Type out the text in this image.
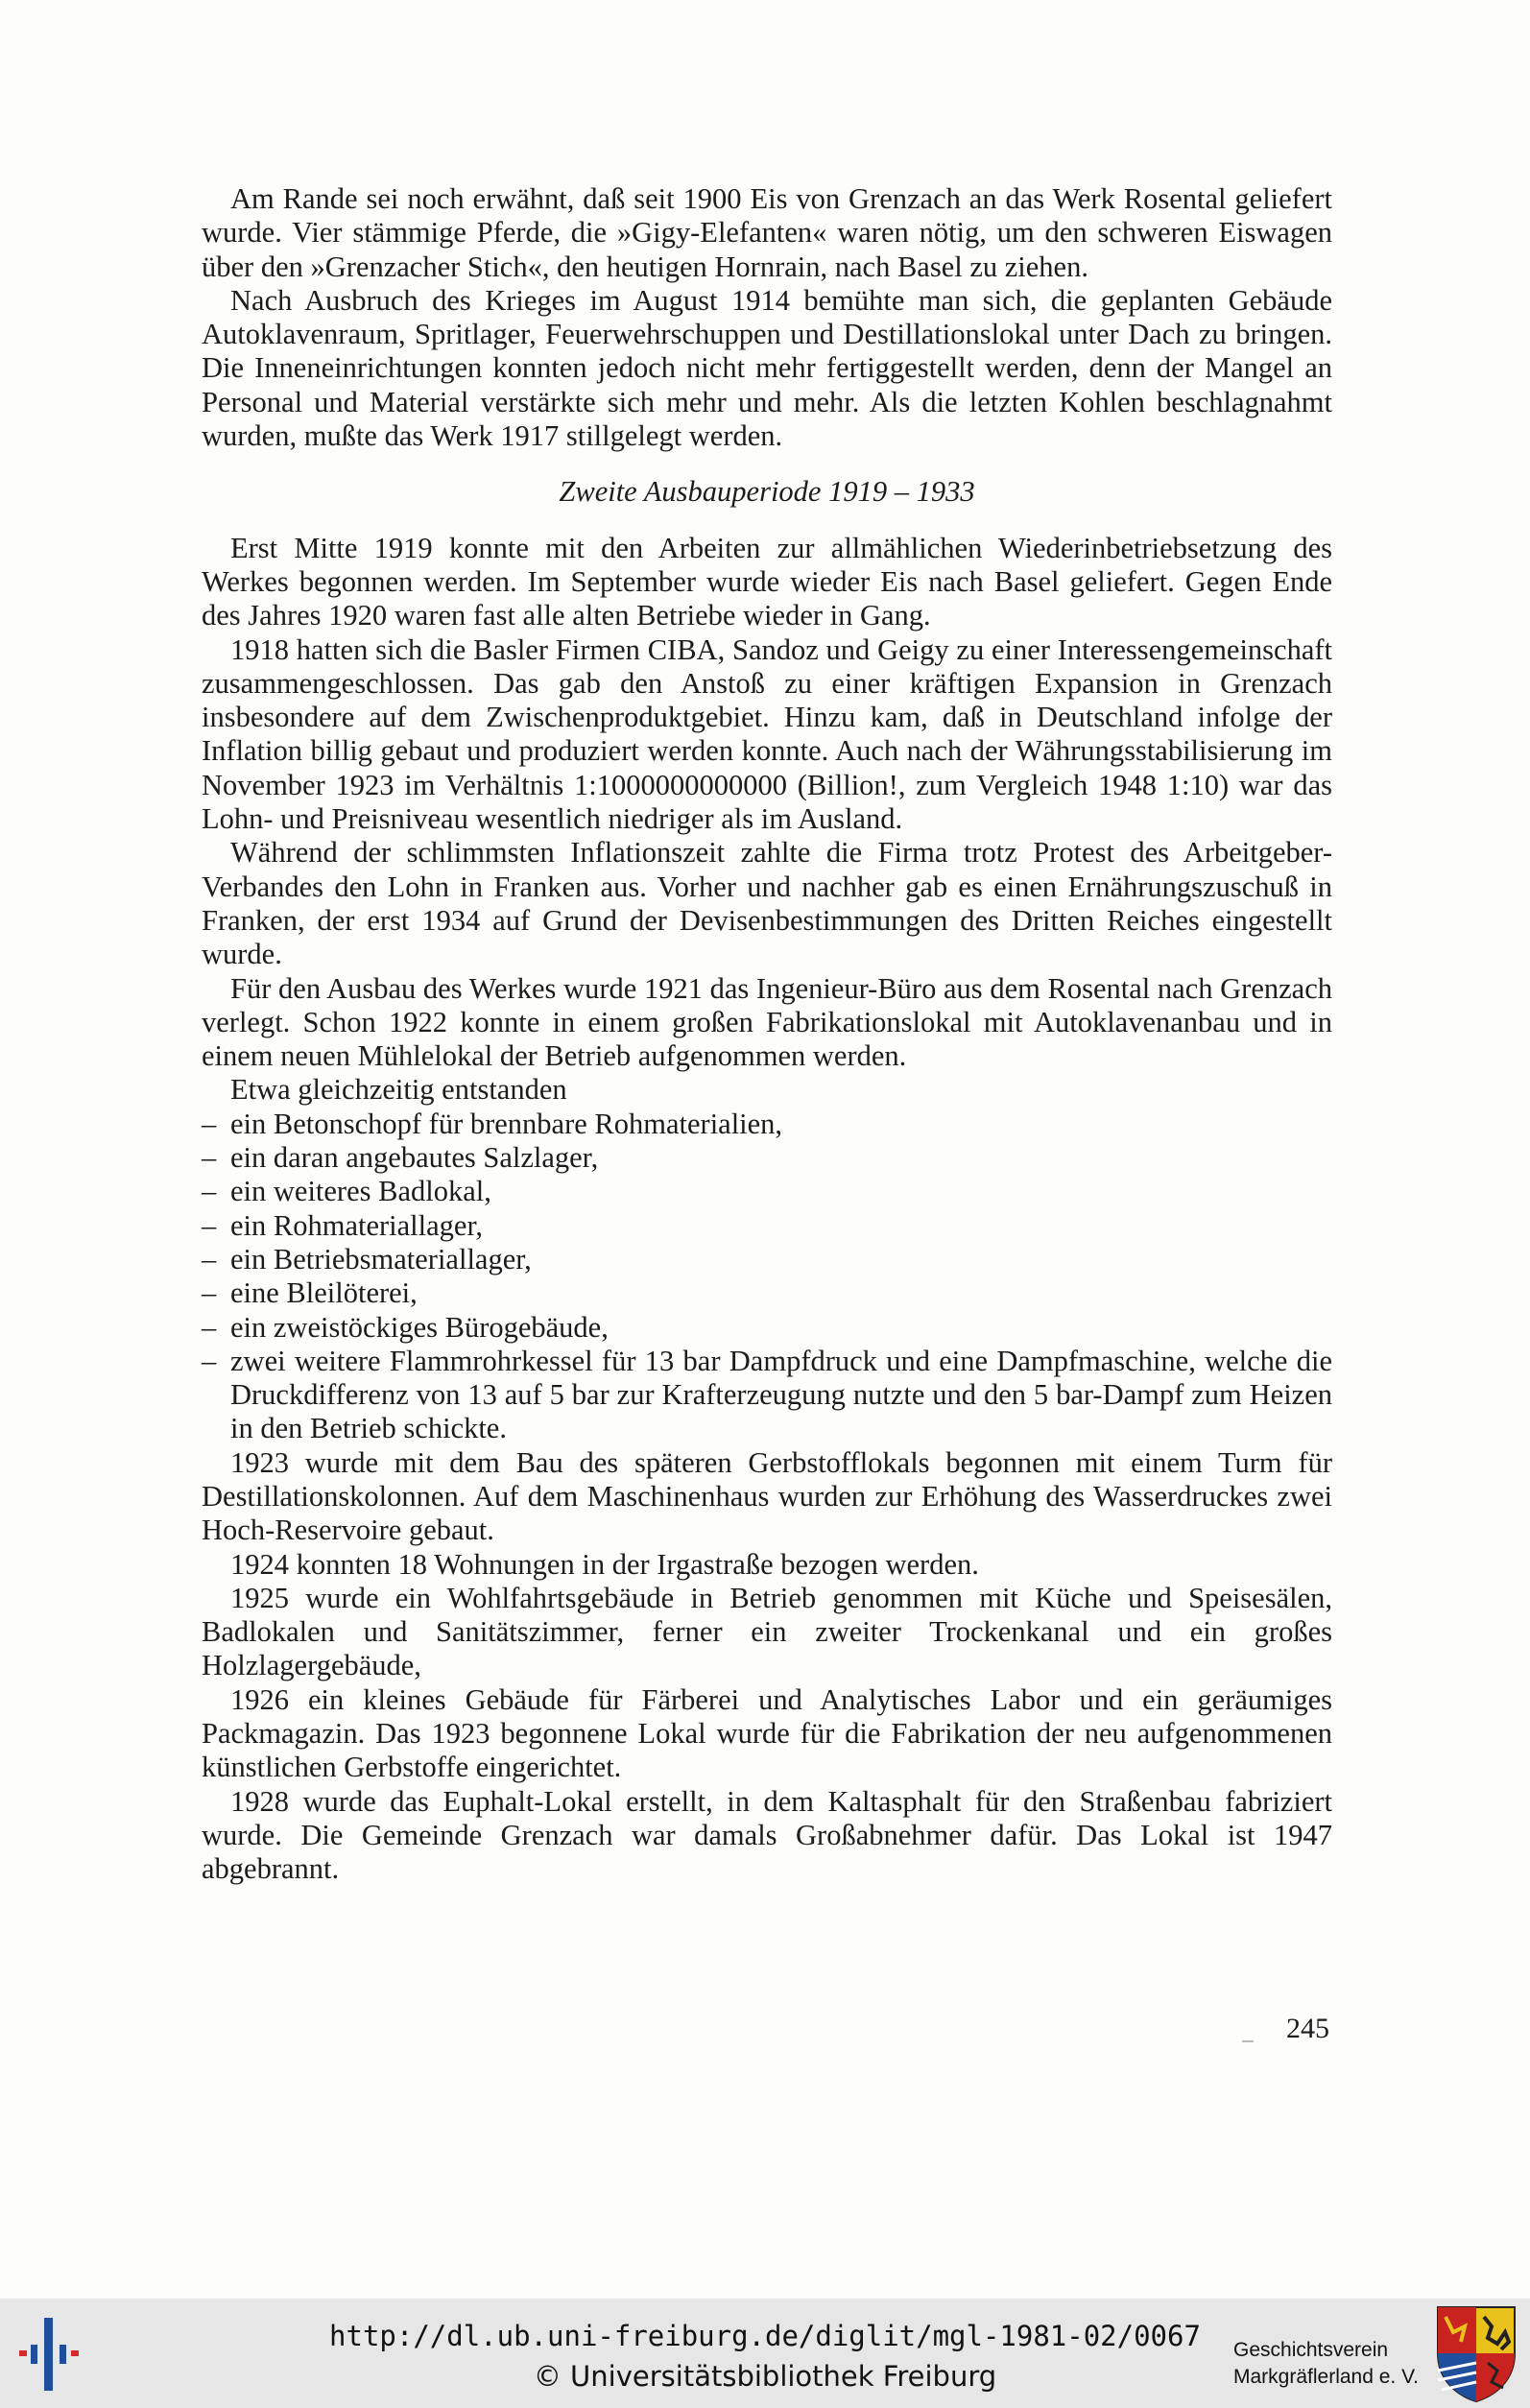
Am Rande sei noch erwähnt, daß seit 1900 Eis von Grenzach an das Werk Rosental geliefert wurde. Vier stämmige Pferde, die »Gigy-Elefanten« waren nötig, um den schweren Eiswagen über den »Grenzacher Stich«, den heutigen Hornrain, nach Basel zu ziehen.

Nach Ausbruch des Krieges im August 1914 bemühte man sich, die geplanten Gebäude Autoklavenraum, Spritlager, Feuerwehrschuppen und Destillationslokal unter Dach zu bringen. Die Inneneinrichtungen konnten jedoch nicht mehr fertiggestellt werden, denn der Mangel an Personal und Material verstärkte sich mehr und mehr. Als die letzten Kohlen beschlagnahmt wurden, mußte das Werk 1917 stillgelegt werden.

Zweite Ausbauperiode 1919 – 1933

Erst Mitte 1919 konnte mit den Arbeiten zur allmählichen Wiederinbetriebsetzung des Werkes begonnen werden. Im September wurde wieder Eis nach Basel geliefert. Gegen Ende des Jahres 1920 waren fast alle alten Betriebe wieder in Gang.

1918 hatten sich die Basler Firmen CIBA, Sandoz und Geigy zu einer Interessengemeinschaft zusammengeschlossen. Das gab den Anstoß zu einer kräftigen Expansion in Grenzach insbesondere auf dem Zwischenproduktgebiet. Hinzu kam, daß in Deutschland infolge der Inflation billig gebaut und produziert werden konnte. Auch nach der Währungsstabilisierung im November 1923 im Verhältnis 1:1000000000000 (Billion!, zum Vergleich 1948 1:10) war das Lohn- und Preisniveau wesentlich niedriger als im Ausland.

Während der schlimmsten Inflationszeit zahlte die Firma trotz Protest des Arbeitgeber-Verbandes den Lohn in Franken aus. Vorher und nachher gab es einen Ernährungszuschuß in Franken, der erst 1934 auf Grund der Devisenbestimmungen des Dritten Reiches eingestellt wurde.

Für den Ausbau des Werkes wurde 1921 das Ingenieur-Büro aus dem Rosental nach Grenzach verlegt. Schon 1922 konnte in einem großen Fabrikationslokal mit Autoklavenanbau und in einem neuen Mühlelokal der Betrieb aufgenommen werden.

Etwa gleichzeitig entstanden

– ein Betonschopf für brennbare Rohmaterialien,
– ein daran angebautes Salzlager,
– ein weiteres Badlokal,
– ein Rohmateriallager,
– ein Betriebsmateriallager,
– eine Bleilöterei,
– ein zweistöckiges Bürogebäude,
– zwei weitere Flammrohrkessel für 13 bar Dampfdruck und eine Dampfmaschine, welche die Druckdifferenz von 13 auf 5 bar zur Krafterzeugung nutzte und den 5 bar-Dampf zum Heizen in den Betrieb schickte.

1923 wurde mit dem Bau des späteren Gerbstofflokals begonnen mit einem Turm für Destillationskolonnen. Auf dem Maschinenhaus wurden zur Erhöhung des Wasserdruckes zwei Hoch-Reservoire gebaut.

1924 konnten 18 Wohnungen in der Irgastraße bezogen werden.

1925 wurde ein Wohlfahrtsgebäude in Betrieb genommen mit Küche und Speisesälen, Badlokalen und Sanitätszimmer, ferner ein zweiter Trockenkanal und ein großes Holzlagergebäude,

1926 ein kleines Gebäude für Färberei und Analytisches Labor und ein geräumiges Packmagazin. Das 1923 begonnene Lokal wurde für die Fabrikation der neu aufgenommenen künstlichen Gerbstoffe eingerichtet.

1928 wurde das Euphalt-Lokal erstellt, in dem Kaltasphalt für den Straßenbau fabriziert wurde. Die Gemeinde Grenzach war damals Großabnehmer dafür. Das Lokal ist 1947 abgebrannt.

245
http://dl.ub.uni-freiburg.de/diglit/mgl-1981-02/0067
© Universitätsbibliothek Freiburg
Geschichtsverein
Markgräflerland e. V.
